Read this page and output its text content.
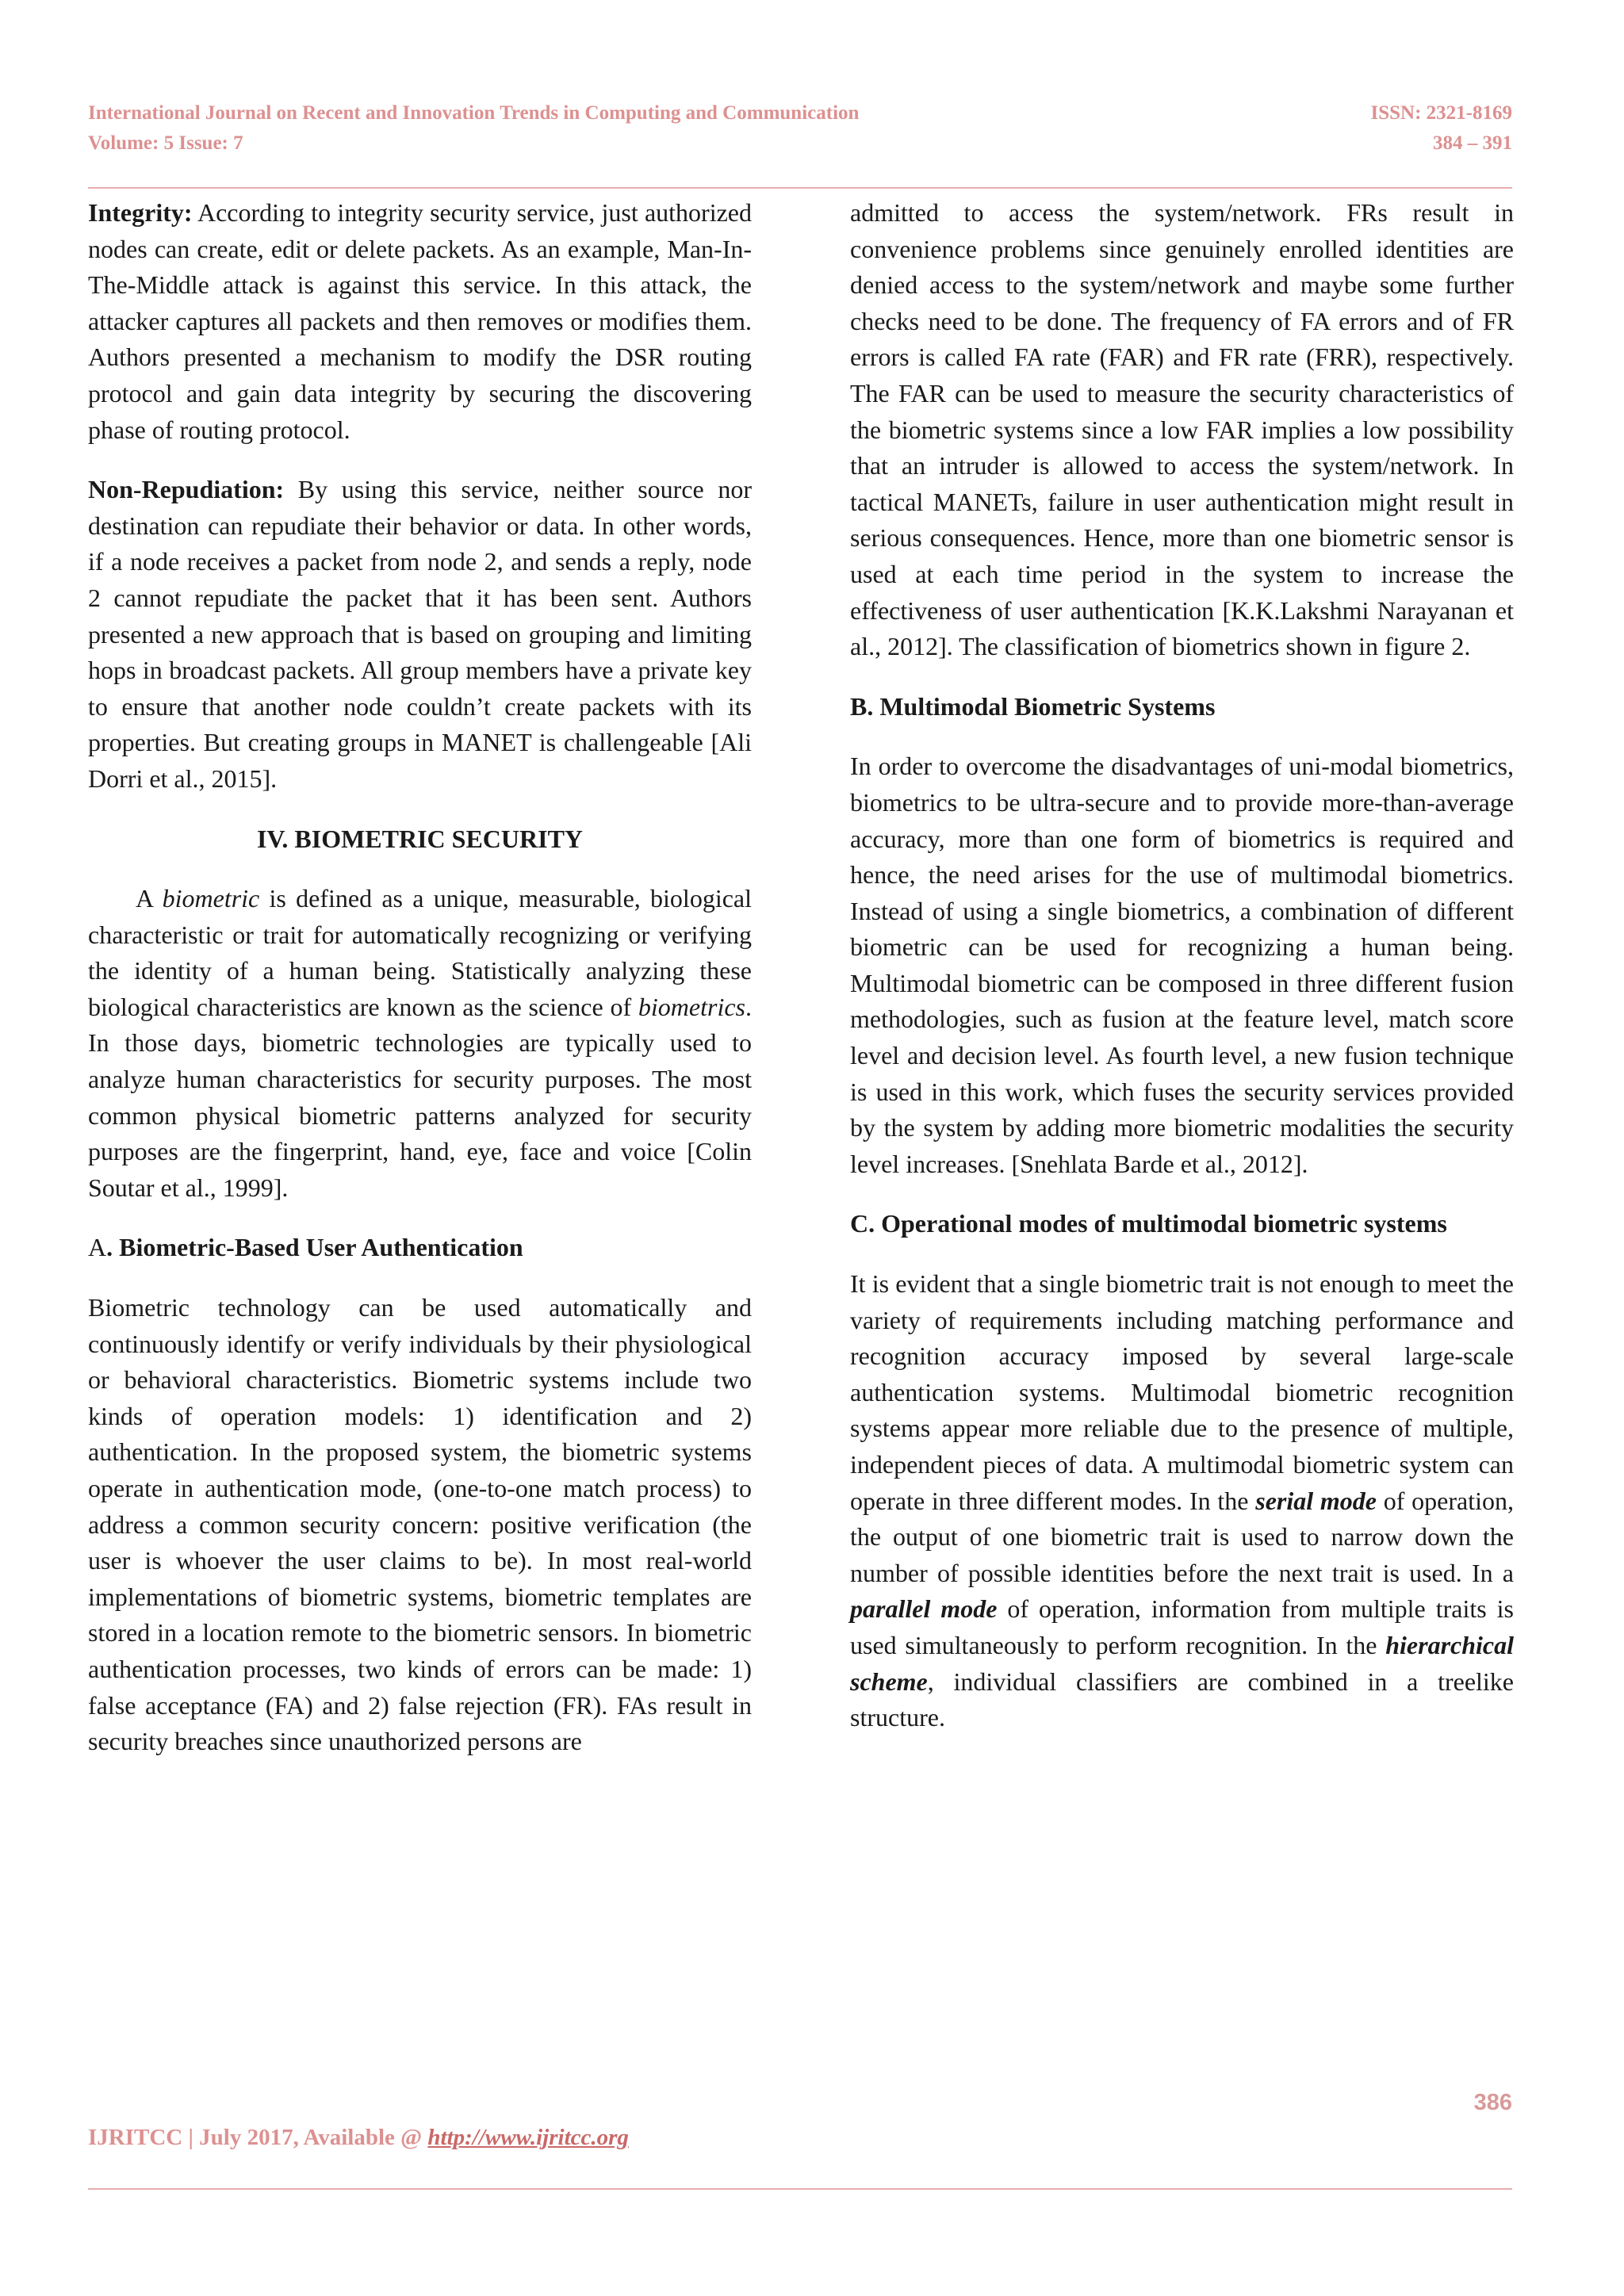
International Journal on Recent and Innovation Trends in Computing and Communication	ISSN: 2321-8169
Volume: 5 Issue: 7	384 – 391

Integrity: According to integrity security service, just authorized nodes can create, edit or delete packets. As an example, Man-In-The-Middle attack is against this service. In this attack, the attacker captures all packets and then removes or modifies them. Authors presented a mechanism to modify the DSR routing protocol and gain data integrity by securing the discovering phase of routing protocol.

Non-Repudiation: By using this service, neither source nor destination can repudiate their behavior or data. In other words, if a node receives a packet from node 2, and sends a reply, node 2 cannot repudiate the packet that it has been sent. Authors presented a new approach that is based on grouping and limiting hops in broadcast packets. All group members have a private key to ensure that another node couldn’t create packets with its properties. But creating groups in MANET is challengeable [Ali Dorri et al., 2015].

IV. BIOMETRIC SECURITY

A biometric is defined as a unique, measurable, biological characteristic or trait for automatically recognizing or verifying the identity of a human being. Statistically analyzing these biological characteristics are known as the science of biometrics. In those days, biometric technologies are typically used to analyze human characteristics for security purposes. The most common physical biometric patterns analyzed for security purposes are the fingerprint, hand, eye, face and voice [Colin Soutar et al., 1999].

A. Biometric-Based User Authentication

Biometric technology can be used automatically and continuously identify or verify individuals by their physiological or behavioral characteristics. Biometric systems include two kinds of operation models: 1) identification and 2) authentication. In the proposed system, the biometric systems operate in authentication mode, (one-to-one match process) to address a common security concern: positive verification (the user is whoever the user claims to be). In most real-world implementations of biometric systems, biometric templates are stored in a location remote to the biometric sensors. In biometric authentication processes, two kinds of errors can be made: 1) false acceptance (FA) and 2) false rejection (FR). FAs result in security breaches since unauthorized persons are

admitted to access the system/network. FRs result in convenience problems since genuinely enrolled identities are denied access to the system/network and maybe some further checks need to be done. The frequency of FA errors and of FR errors is called FA rate (FAR) and FR rate (FRR), respectively. The FAR can be used to measure the security characteristics of the biometric systems since a low FAR implies a low possibility that an intruder is allowed to access the system/network. In tactical MANETs, failure in user authentication might result in serious consequences. Hence, more than one biometric sensor is used at each time period in the system to increase the effectiveness of user authentication [K.K.Lakshmi Narayanan et al., 2012]. The classification of biometrics shown in figure 2.

B. Multimodal Biometric Systems

In order to overcome the disadvantages of uni-modal biometrics, biometrics to be ultra-secure and to provide more-than-average accuracy, more than one form of biometrics is required and hence, the need arises for the use of multimodal biometrics. Instead of using a single biometrics, a combination of different biometric can be used for recognizing a human being. Multimodal biometric can be composed in three different fusion methodologies, such as fusion at the feature level, match score level and decision level. As fourth level, a new fusion technique is used in this work, which fuses the security services provided by the system by adding more biometric modalities the security level increases. [Snehlata Barde et al., 2012].

C. Operational modes of multimodal biometric systems

It is evident that a single biometric trait is not enough to meet the variety of requirements including matching performance and recognition accuracy imposed by several large-scale authentication systems. Multimodal biometric recognition systems appear more reliable due to the presence of multiple, independent pieces of data. A multimodal biometric system can operate in three different modes. In the serial mode of operation, the output of one biometric trait is used to narrow down the number of possible identities before the next trait is used. In a parallel mode of operation, information from multiple traits is used simultaneously to perform recognition. In the hierarchical scheme, individual classifiers are combined in a treelike structure.

386
IJRITCC | July 2017, Available @ http://www.ijritcc.org
